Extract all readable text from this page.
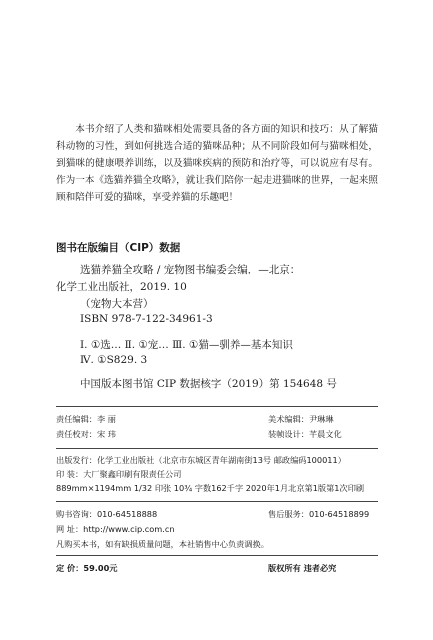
本书介绍了人类和猫咪相处需要具备的各方面的知识和技巧：从了解猫科动物的习性，到如何挑选合适的猫咪品种；从不同阶段如何与猫咪相处，到猫咪的健康喂养训练，以及猫咪疾病的预防和治疗等，可以说应有尽有。作为一本《选猫养猫全攻略》，就让我们陪你一起走进猫咪的世界，一起来照顾和陪伴可爱的猫咪，享受养猫的乐趣吧！

图书在版编目（CIP）数据
选猫养猫全攻略 / 宠物图书编委会编．—北京：
化学工业出版社，2019. 10
（宠物大本营）
ISBN 978-7-122-34961-3
Ⅰ. ①选… Ⅱ. ①宠… Ⅲ. ①猫—驯养—基本知识
Ⅳ. ①S829. 3
中国版本图书馆 CIP 数据核字（2019）第 154648 号
责任编辑：李 丽	美术编辑：尹琳琳
责任校对：宋 玮	装帧设计：芊晨文化
出版发行：化学工业出版社（北京市东城区青年湖南街13号 邮政编码100011）
印 装：大厂聚鑫印刷有限责任公司
889mm×1194mm 1/32 印张 10¾ 字数162千字 2020年1月北京第1版第1次印刷
购书咨询：010-64518888	售后服务：010-64518899
网 址：http://www.cip.com.cn
凡购买本书，如有缺损质量问题，本社销售中心负责调换。
定 价：59.00元	版权所有 违者必究
